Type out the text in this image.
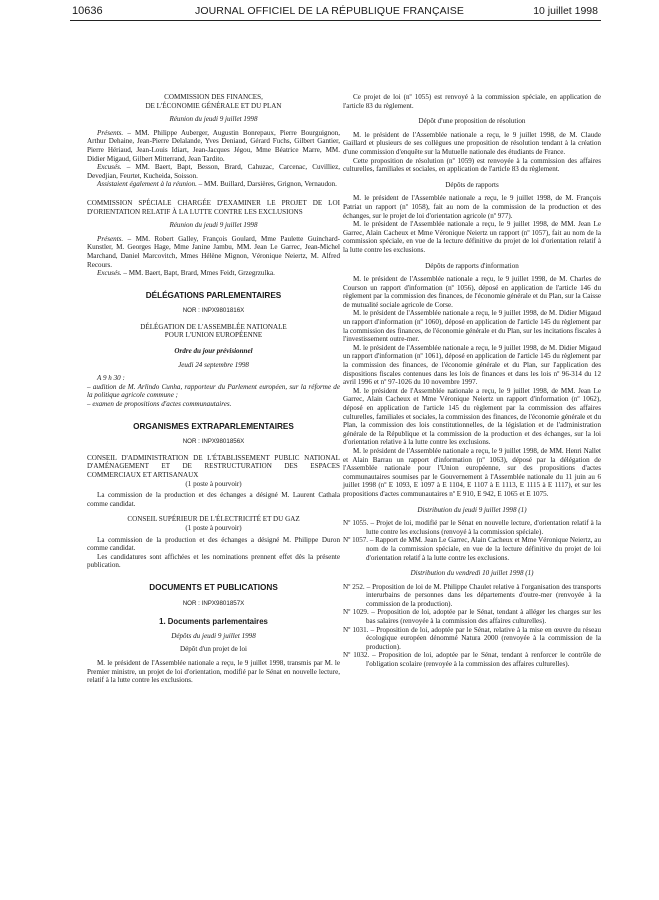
10636	JOURNAL OFFICIEL DE LA RÉPUBLIQUE FRANÇAISE	10 juillet 1998

COMMISSION DES FINANCES,

DE L'ÉCONOMIE GÉNÉRALE ET DU PLAN

Réunion du jeudi 9 juillet 1998

Présents. – MM. Philippe Auberger, Augustin Bonrepaux, Pierre Bourguignon, Arthur Dehaine, Jean-Pierre Delalande, Yves Deniaud, Gérard Fuchs, Gilbert Gantier, Pierre Hériaud, Jean-Louis Idiart, Jean-Jacques Jégou, Mme Béatrice Marre, MM. Didier Migaud, Gilbert Mitterrand, Jean Tardito.

Excusés. – MM. Baert, Bapt, Besson, Brard, Cahuzac, Carcenac, Cuvilliez, Devedjian, Feurtet, Kucheida, Soisson.

Assistaient également à la réunion. – MM. Buillard, Darsières, Grignon, Vernaudon.

COMMISSION SPÉCIALE CHARGÉE D'EXAMINER LE PROJET DE LOI D'ORIENTATION RELATIF À LA LUTTE CONTRE LES EXCLUSIONS

Réunion du jeudi 9 juillet 1998

Présents. – MM. Robert Galley, François Goulard, Mme Paulette Guinchard-Kunstler, M. Georges Hage, Mme Janine Jambu, MM. Jean Le Garrec, Jean-Michel Marchand, Daniel Marcovitch, Mmes Hélène Mignon, Véronique Neiertz, M. Alfred Recours.

Excusés. – MM. Baert, Bapt, Brard, Mmes Feidt, Grzegrzulka.

DÉLÉGATIONS PARLEMENTAIRES

NOR : INPX9801816X

DÉLÉGATION DE L'ASSEMBLÉE NATIONALE

POUR L'UNION EUROPÉENNE

Ordre du jour prévisionnel

Jeudi 24 septembre 1998

A 9 h 30 :

– audition de M. Arlindo Cunha, rapporteur du Parlement européen, sur la réforme de la politique agricole commune ;

– examen de propositions d'actes communautaires.

ORGANISMES EXTRAPARLEMENTAIRES

NOR : INPX9801856X

CONSEIL D'ADMINISTRATION DE L'ÉTABLISSEMENT PUBLIC NATIONAL D'AMÉNAGEMENT ET DE RESTRUCTURATION DES ESPACES COMMERCIAUX ET ARTISANAUX

(1 poste à pourvoir)

La commission de la production et des échanges a désigné M. Laurent Cathala comme candidat.

CONSEIL SUPÉRIEUR DE L'ÉLECTRICITÉ ET DU GAZ

(1 poste à pourvoir)

La commission de la production et des échanges a désigné M. Philippe Duron comme candidat.

Les candidatures sont affichées et les nominations prennent effet dès la présente publication.

DOCUMENTS ET PUBLICATIONS

NOR : INPX9801857X

1. Documents parlementaires

Dépôts du jeudi 9 juillet 1998

Dépôt d'un projet de loi

M. le président de l'Assemblée nationale a reçu, le 9 juillet 1998, transmis par M. le Premier ministre, un projet de loi d'orientation, modifié par le Sénat en nouvelle lecture, relatif à la lutte contre les exclusions.

Ce projet de loi (nº 1055) est renvoyé à la commission spéciale, en application de l'article 83 du règlement.

Dépôt d'une proposition de résolution

M. le président de l'Assemblée nationale a reçu, le 9 juillet 1998, de M. Claude Gaillard et plusieurs de ses collègues une proposition de résolution tendant à la création d'une commission d'enquête sur la Mutuelle nationale des étudiants de France.

Cette proposition de résolution (nº 1059) est renvoyée à la commission des affaires culturelles, familiales et sociales, en application de l'article 83 du règlement.

Dépôts de rapports

M. le président de l'Assemblée nationale a reçu, le 9 juillet 1998, de M. François Patriat un rapport (nº 1058), fait au nom de la commission de la production et des échanges, sur le projet de loi d'orientation agricole (nº 977).

M. le président de l'Assemblée nationale a reçu, le 9 juillet 1998, de MM. Jean Le Garrec, Alain Cacheux et Mme Véronique Neiertz un rapport (nº 1057), fait au nom de la commission spéciale, en vue de la lecture définitive du projet de loi d'orientation relatif à la lutte contre les exclusions.

Dépôts de rapports d'information

M. le président de l'Assemblée nationale a reçu, le 9 juillet 1998, de M. Charles de Courson un rapport d'information (nº 1056), déposé en application de l'article 146 du règlement par la commission des finances, de l'économie générale et du Plan, sur la Caisse de mutualité sociale agricole de Corse.

M. le président de l'Assemblée nationale a reçu, le 9 juillet 1998, de M. Didier Migaud un rapport d'information (nº 1060), déposé en application de l'article 145 du règlement par la commission des finances, de l'économie générale et du Plan, sur les incitations fiscales à l'investissement outre-mer.

M. le président de l'Assemblée nationale a reçu, le 9 juillet 1998, de M. Didier Migaud un rapport d'information (nº 1061), déposé en application de l'article 145 du règlement par la commission des finances, de l'économie générale et du Plan, sur l'application des dispositions fiscales contenues dans les lois de finances et dans les lois nº 96-314 du 12 avril 1996 et nº 97-1026 du 10 novembre 1997.

M. le président de l'Assemblée nationale a reçu, le 9 juillet 1998, de MM. Jean Le Garrec, Alain Cacheux et Mme Véronique Neiertz un rapport d'information (nº 1062), déposé en application de l'article 145 du règlement par la commission des affaires culturelles, familiales et sociales, la commission des finances, de l'économie générale et du Plan, la commission des lois constitutionnelles, de la législation et de l'administration générale de la République et la commission de la production et des échanges, sur la loi d'orientation relative à la lutte contre les exclusions.

M. le président de l'Assemblée nationale a reçu, le 9 juillet 1998, de MM. Henri Nallet et Alain Barrau un rapport d'information (nº 1063), déposé par la délégation de l'Assemblée nationale pour l'Union européenne, sur des propositions d'actes communautaires soumises par le Gouvernement à l'Assemblée nationale du 11 juin au 6 juillet 1998 (nº E 1093, E 1097 à E 1104, E 1107 à E 1113, E 1115 à E 1117), et sur les propositions d'actes communautaires nº E 910, E 942, E 1065 et E 1075.

Distribution du jeudi 9 juillet 1998 (1)

Nº 1055. – Projet de loi, modifié par le Sénat en nouvelle lecture, d'orientation relatif à la lutte contre les exclusions (renvoyé à la commission spéciale).

Nº 1057. – Rapport de MM. Jean Le Garrec, Alain Cacheux et Mme Véronique Neiertz, au nom de la commission spéciale, en vue de la lecture définitive du projet de loi d'orientation relatif à la lutte contre les exclusions.

Distribution du vendredi 10 juillet 1998 (1)

Nº 252. – Proposition de loi de M. Philippe Chaulet relative à l'organisation des transports interurbains de personnes dans les départements d'outre-mer (renvoyée à la commission de la production).

Nº 1029. – Proposition de loi, adoptée par le Sénat, tendant à alléger les charges sur les bas salaires (renvoyée à la commission des affaires culturelles).

Nº 1031. – Proposition de loi, adoptée par le Sénat, relative à la mise en œuvre du réseau écologique européen dénommé Natura 2000 (renvoyée à la commission de la production).

Nº 1032. – Proposition de loi, adoptée par le Sénat, tendant à renforcer le contrôle de l'obligation scolaire (renvoyée à la commission des affaires culturelles).
